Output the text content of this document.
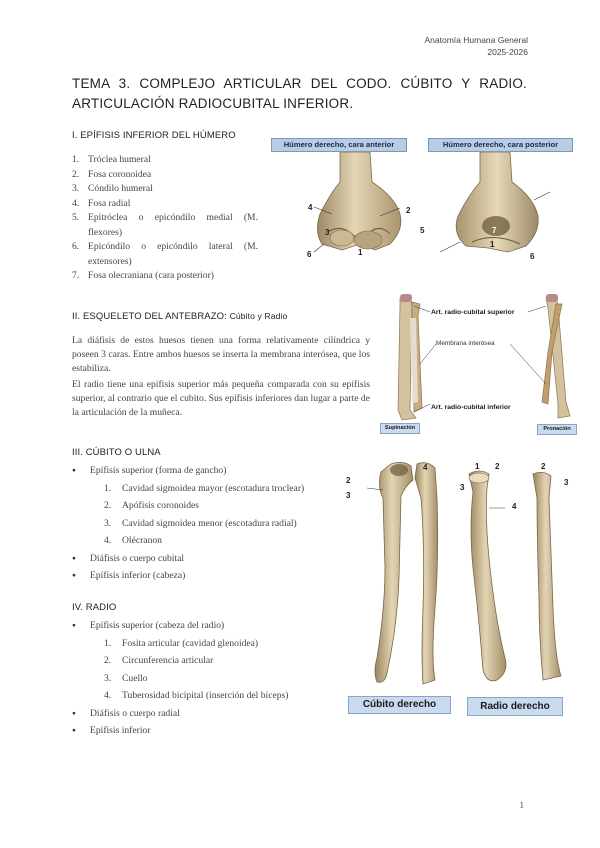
Anatomía Humana General
2025-2026
TEMA 3. COMPLEJO ARTICULAR DEL CODO. CÚBITO Y RADIO. ARTICULACIÓN RADIOCUBITAL INFERIOR.
I. EPÍFISIS INFERIOR DEL HÚMERO
1. Tróclea humeral
2. Fosa coronoidea
3. Cóndilo humeral
4. Fosa radial
5. Epitróclea o epicóndilo medial (M. flexores)
6. Epicóndilo o epicóndilo lateral (M. extensores)
7. Fosa olecraniana (cara posterior)
Húmero derecho, cara anterior	Húmero derecho, cara posterior
4	2
3
1
6
5	7
1
6
II. ESQUELETO DEL ANTEBRAZO: Cúbito y Radio
La diáfisis de estos huesos tienen una forma relativamente cilíndrica y poseen 3 caras. Entre ambos huesos se inserta la membrana interósea, que los estabiliza.
El radio tiene una epífisis superior más pequeña comparada con su epífisis superior, al contrario que el cubito. Sus epífisis inferiores dan lugar a parte de la articulación de la muñeca.
Art. radio-cubital superior
Membrana interósea
Art. radio-cubital inferior
Supinación	Pronación
III. CÚBITO O ULNA
● Epífisis superior (forma de gancho)
1. Cavidad sigmoidea mayor (escotadura troclear)
2. Apófisis coronoides
3. Cavidad sigmoidea menor (escotadura radial)
4. Olécranon
● Diáfisis o cuerpo cubital
● Epífisis inferior (cabeza)
IV. RADIO
● Epífisis superior (cabeza del radio)
1. Fosita articular (cavidad glenoidea)
2. Circunferencia articular
3. Cuello
4. Tuberosidad bicipital (inserción del bíceps)
● Diáfisis o cuerpo radial
● Epífisis inferior
2
3
4	1 2
3
4
2
3
Cúbito derecho	Radio derecho
1
